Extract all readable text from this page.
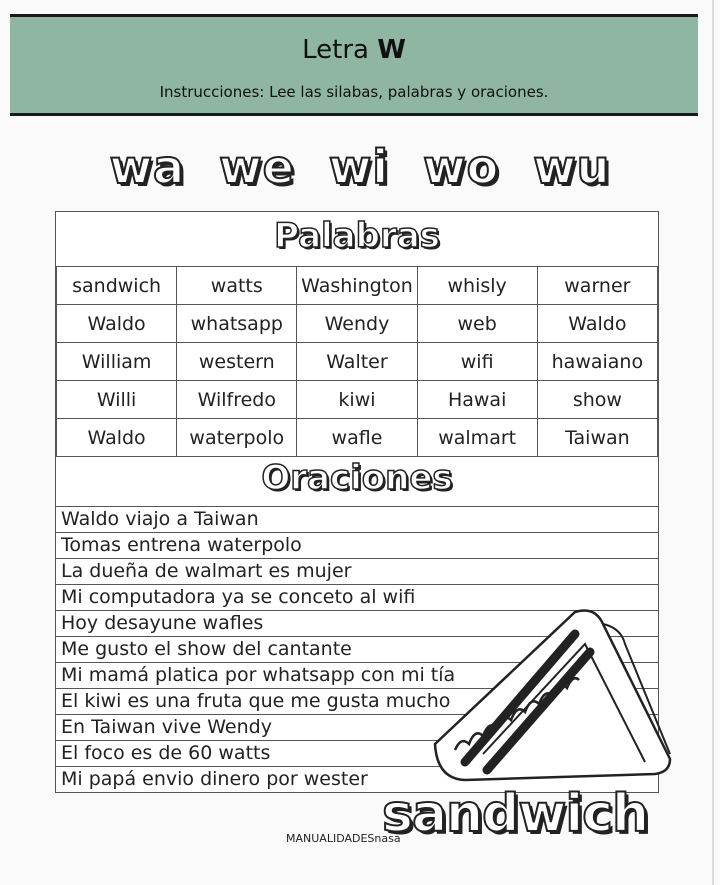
Letra W
Instrucciones: Lee las silabas, palabras y oraciones.
wa we wi wo wu
Palabras
sandwich	watts	Washington	whisly	warner
Waldo	whatsapp	Wendy	web	Waldo
William	western	Walter	wifi	hawaiano
Willi	Wilfredo	kiwi	Hawai	show
Waldo	waterpolo	wafle	walmart	Taiwan
Oraciones
Waldo viajo a Taiwan
Tomas entrena waterpolo
La dueña de walmart es mujer
Mi computadora ya se conceto al wifi
Hoy desayune wafles
Me gusto el show del cantante
Mi mamá platica por whatsapp con mi tía
El kiwi es una fruta que me gusta mucho
En Taiwan vive Wendy
El foco es de 60 watts
Mi papá envio dinero por wester
sandwich
MANUALIDADESnasa
